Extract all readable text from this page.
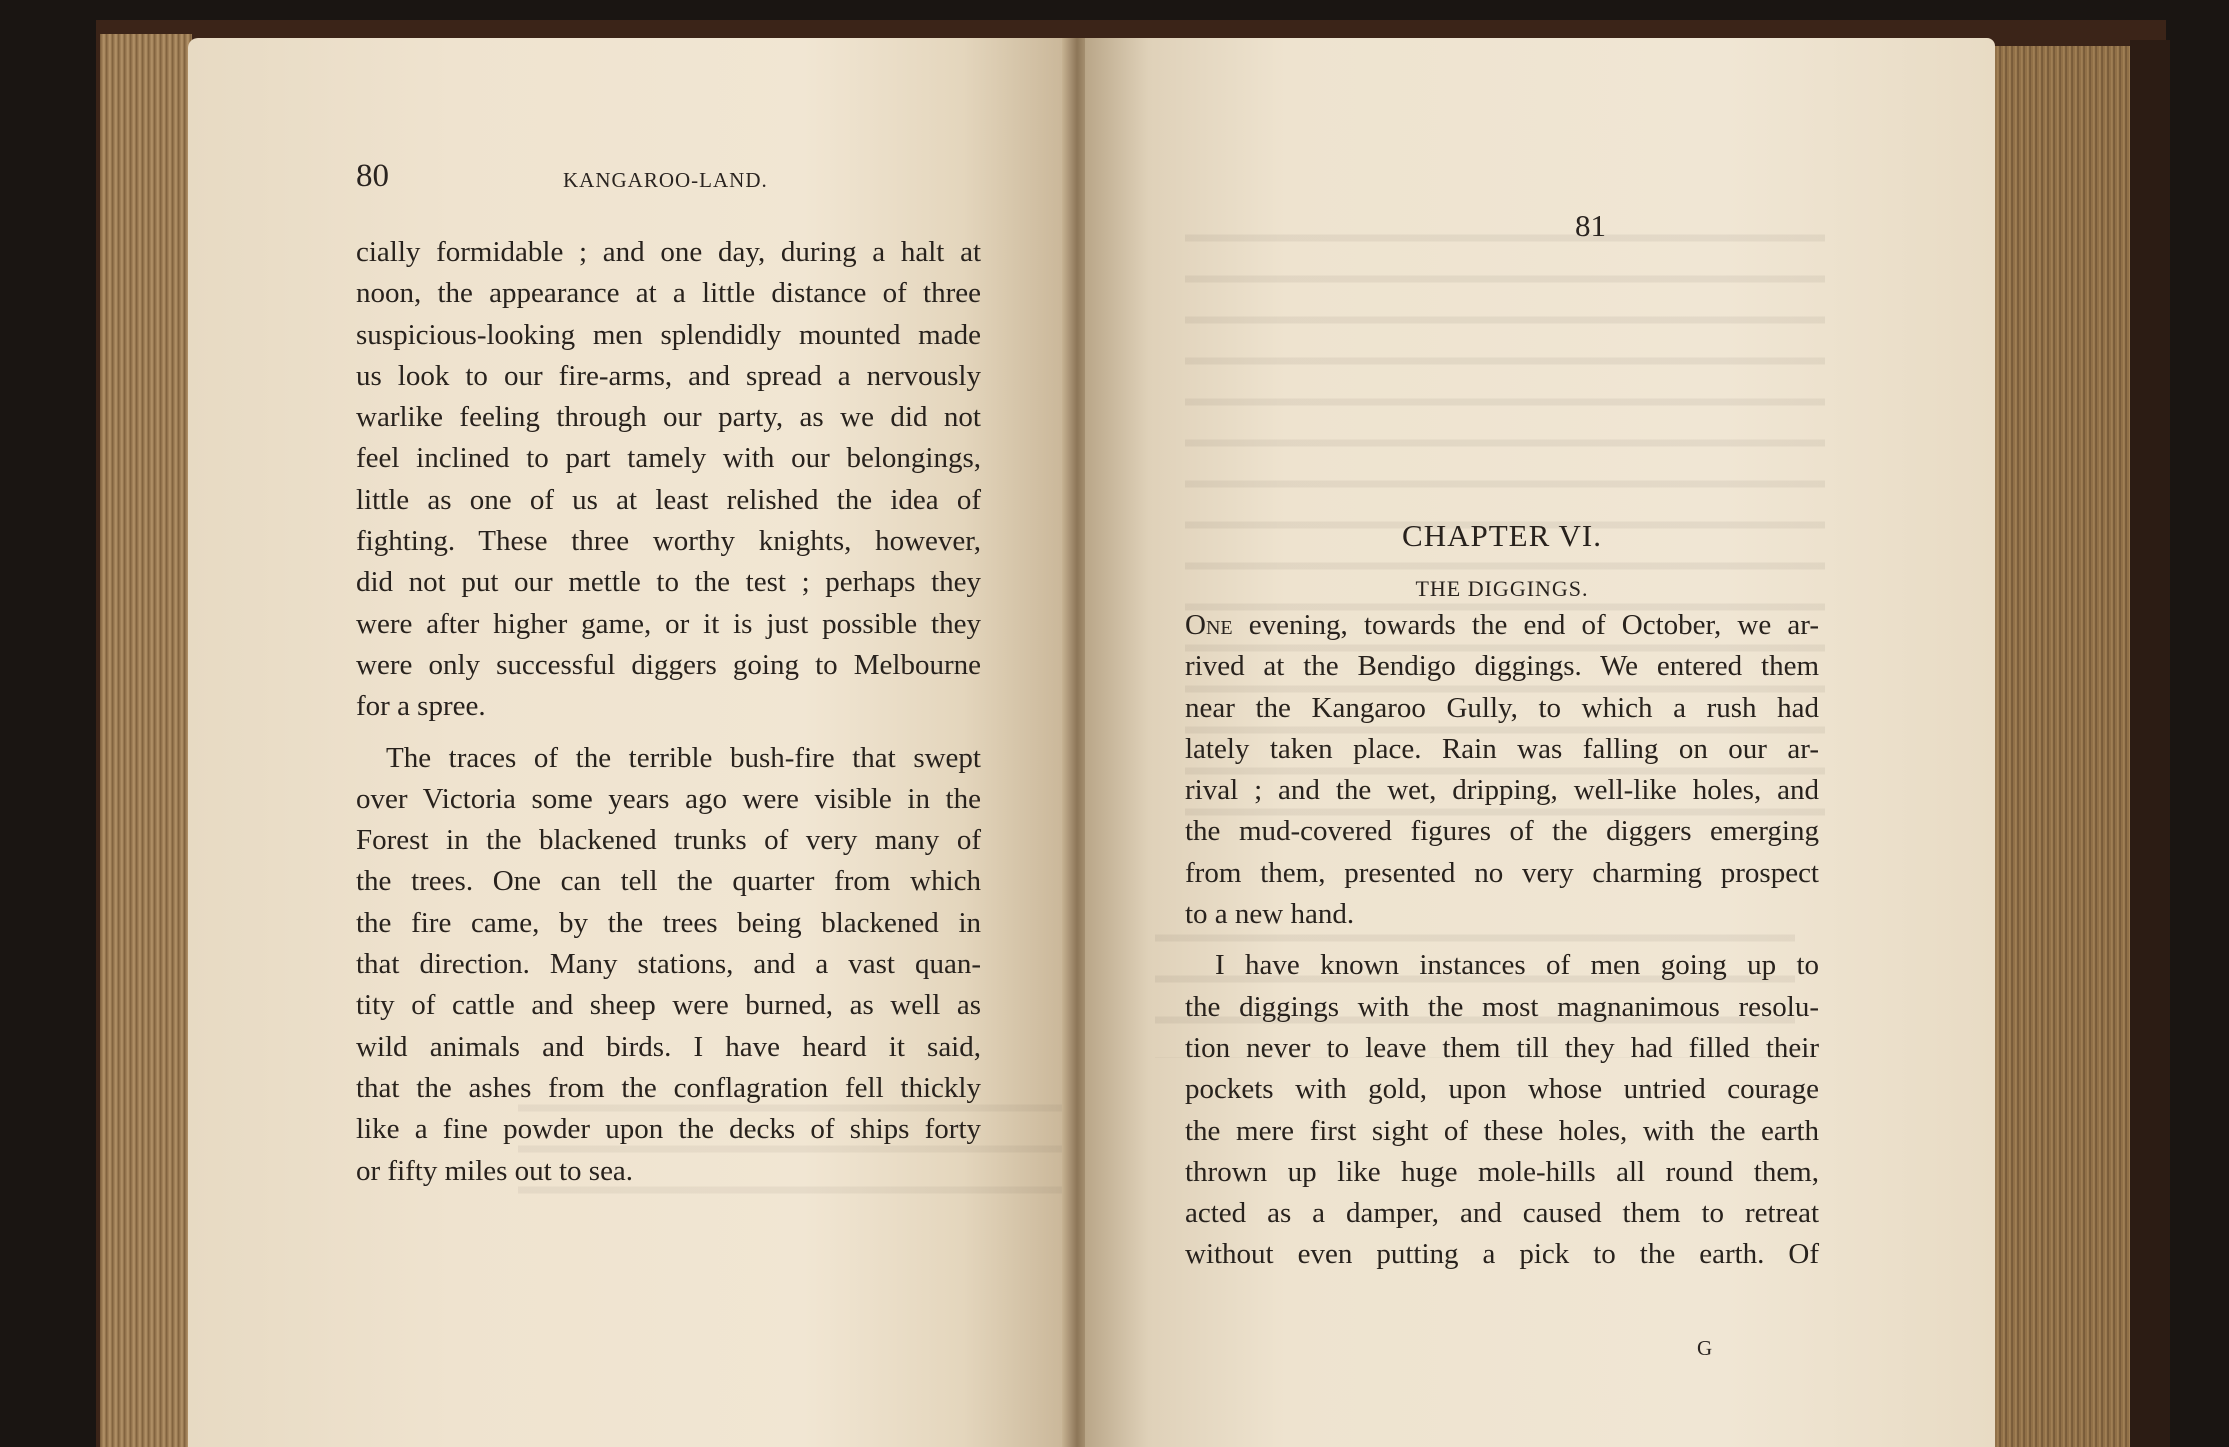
80	KANGAROO-LAND.
cially formidable ; and one day, during a halt at
noon, the appearance at a little distance of three
suspicious-looking men splendidly mounted made
us look to our fire-arms, and spread a nervously
warlike feeling through our party, as we did not
feel inclined to part tamely with our belongings,
little as one of us at least relished the idea of
fighting. These three worthy knights, however,
did not put our mettle to the test ; perhaps they
were after higher game, or it is just possible they
were only successful diggers going to Melbourne
for a spree.
The traces of the terrible bush-fire that swept
over Victoria some years ago were visible in the
Forest in the blackened trunks of very many of
the trees. One can tell the quarter from which
the fire came, by the trees being blackened in
that direction. Many stations, and a vast quan-
tity of cattle and sheep were burned, as well as
wild animals and birds. I have heard it said,
that the ashes from the conflagration fell thickly
like a fine powder upon the decks of ships forty
or fifty miles out to sea.
81
CHAPTER VI.
THE DIGGINGS.
One evening, towards the end of October, we ar-
rived at the Bendigo diggings. We entered them
near the Kangaroo Gully, to which a rush had
lately taken place. Rain was falling on our ar-
rival ; and the wet, dripping, well-like holes, and
the mud-covered figures of the diggers emerging
from them, presented no very charming prospect
to a new hand.
I have known instances of men going up to
the diggings with the most magnanimous resolu-
tion never to leave them till they had filled their
pockets with gold, upon whose untried courage
the mere first sight of these holes, with the earth
thrown up like huge mole-hills all round them,
acted as a damper, and caused them to retreat
without even putting a pick to the earth. Of
G
